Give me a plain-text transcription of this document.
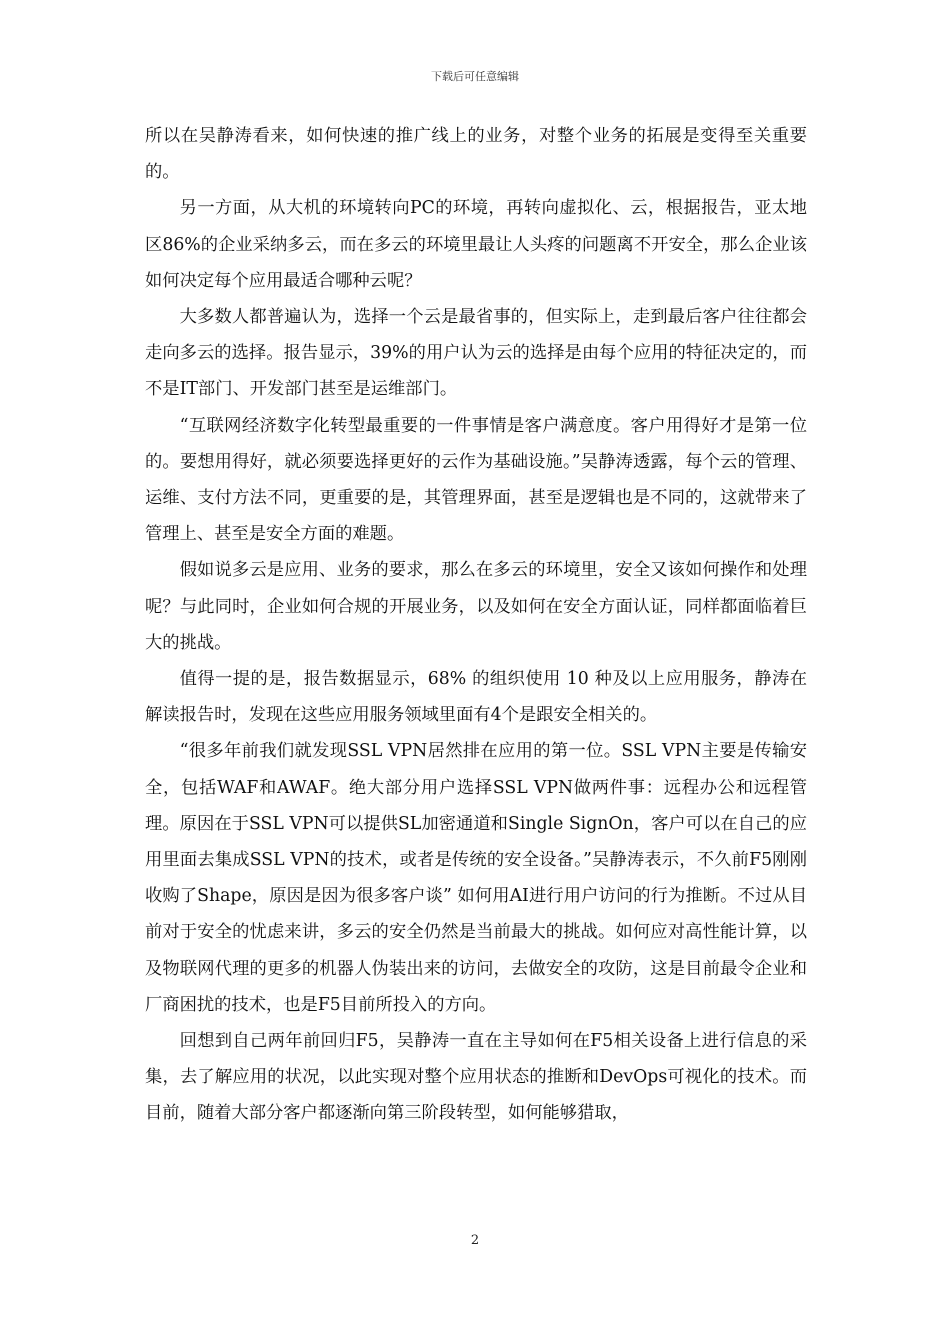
下载后可任意编辑

所以在吴静涛看来，如何快速的推广线上的业务，对整个业务的拓展是变得至关重要的。

另一方面，从大机的环境转向PC的环境，再转向虚拟化、云，根据报告，亚太地区86%的企业采纳多云，而在多云的环境里最让人头疼的问题离不开安全，那么企业该如何决定每个应用最适合哪种云呢？

大多数人都普遍认为，选择一个云是最省事的，但实际上，走到最后客户往往都会走向多云的选择。报告显示，39%的用户认为云的选择是由每个应用的特征决定的，而不是IT部门、开发部门甚至是运维部门。

“互联网经济数字化转型最重要的一件事情是客户满意度。客户用得好才是第一位的。要想用得好，就必须要选择更好的云作为基础设施。”吴静涛透露，每个云的管理、运维、支付方法不同，更重要的是，其管理界面，甚至是逻辑也是不同的，这就带来了管理上、甚至是安全方面的难题。

假如说多云是应用、业务的要求，那么在多云的环境里，安全又该如何操作和处理呢？与此同时，企业如何合规的开展业务，以及如何在安全方面认证，同样都面临着巨大的挑战。

值得一提的是，报告数据显示，68% 的组织使用 10 种及以上应用服务，静涛在解读报告时，发现在这些应用服务领域里面有4个是跟安全相关的。

“很多年前我们就发现SSL VPN居然排在应用的第一位。SSL VPN主要是传输安全，包括WAF和AWAF。绝大部分用户选择SSL VPN做两件事：远程办公和远程管理。原因在于SSL VPN可以提供SL加密通道和Single SignOn，客户可以在自己的应用里面去集成SSL VPN的技术，或者是传统的安全设备。”吴静涛表示，不久前F5刚刚收购了Shape，原因是因为很多客户谈” 如何用AI进行用户访问的行为推断。不过从目前对于安全的忧虑来讲，多云的安全仍然是当前最大的挑战。如何应对高性能计算，以及物联网代理的更多的机器人伪装出来的访问，去做安全的攻防，这是目前最令企业和厂商困扰的技术，也是F5目前所投入的方向。

回想到自己两年前回归F5，吴静涛一直在主导如何在F5相关设备上进行信息的采集，去了解应用的状况，以此实现对整个应用状态的推断和DevOps可视化的技术。而目前，随着大部分客户都逐渐向第三阶段转型，如何能够猎取，

2
